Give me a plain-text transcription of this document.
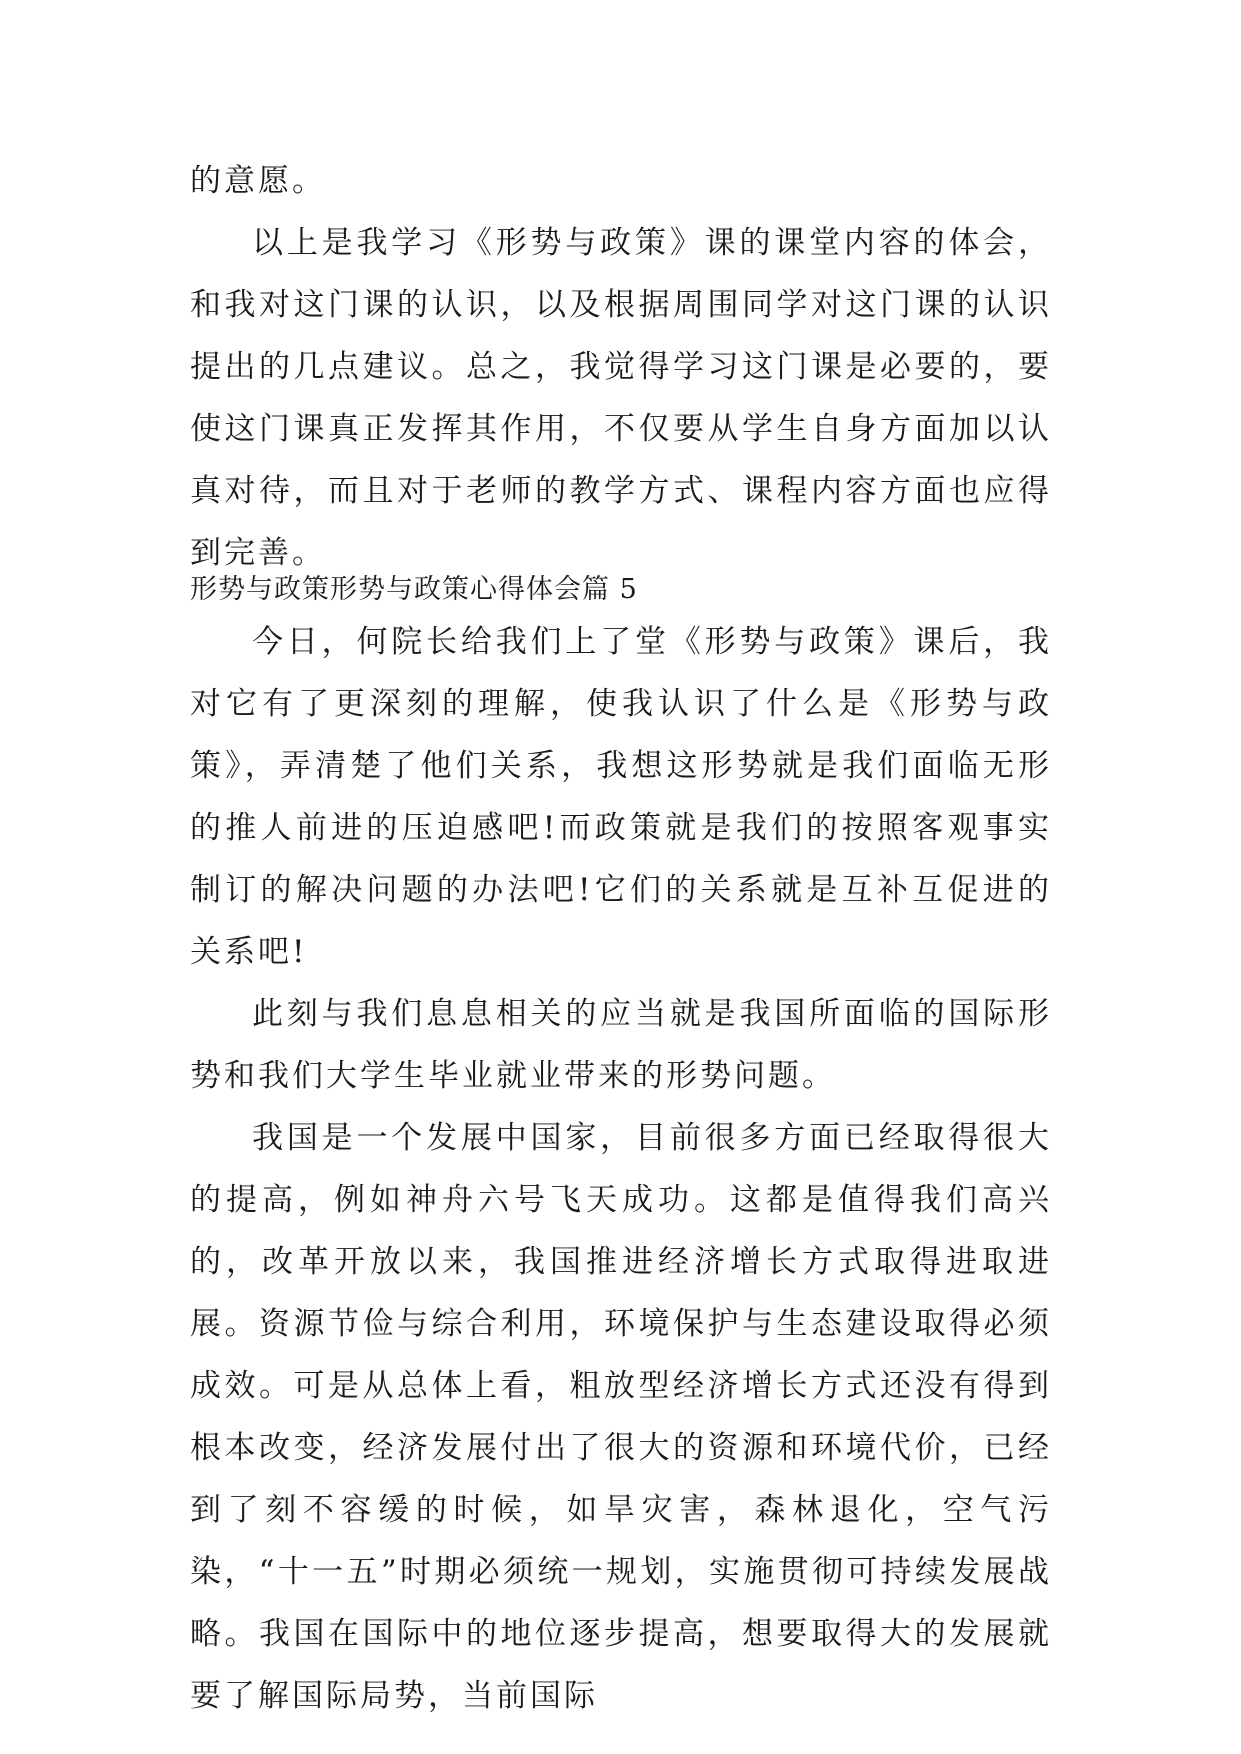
的意愿。

以上是我学习《形势与政策》课的课堂内容的体会，和我对这门课的认识，以及根据周围同学对这门课的认识提出的几点建议。总之，我觉得学习这门课是必要的，要使这门课真正发挥其作用，不仅要从学生自身方面加以认真对待，而且对于老师的教学方式、课程内容方面也应得到完善。

形势与政策形势与政策心得体会篇 5

今日，何院长给我们上了堂《形势与政策》课后，我对它有了更深刻的理解，使我认识了什么是《形势与政策》，弄清楚了他们关系，我想这形势就是我们面临无形的推人前进的压迫感吧!而政策就是我们的按照客观事实制订的解决问题的办法吧!它们的关系就是互补互促进的关系吧!

此刻与我们息息相关的应当就是我国所面临的国际形势和我们大学生毕业就业带来的形势问题。

我国是一个发展中国家，目前很多方面已经取得很大的提高，例如神舟六号飞天成功。这都是值得我们高兴的，改革开放以来，我国推进经济增长方式取得进取进展。资源节俭与综合利用，环境保护与生态建设取得必须成效。可是从总体上看，粗放型经济增长方式还没有得到根本改变，经济发展付出了很大的资源和环境代价，已经到了刻不容缓的时候，如旱灾害，森林退化，空气污染，“十一五”时期必须统一规划，实施贯彻可持续发展战略。我国在国际中的地位逐步提高，想要取得大的发展就要了解国际局势，当前国际
